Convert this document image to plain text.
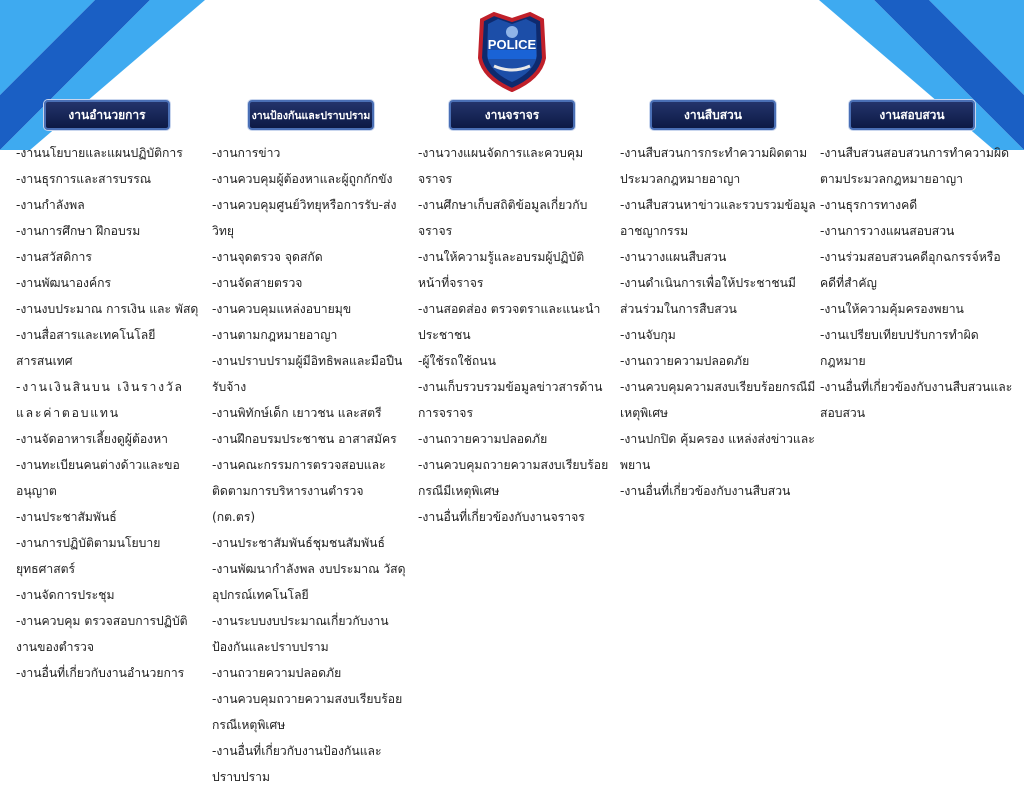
POLICE
งานอำนวยการ
-งานนโยบายและแผนปฏิบัติการ
-งานธุรการและสารบรรณ
-งานกำลังพล
-งานการศึกษา ฝึกอบรม
-งานสวัสดิการ
-งานพัฒนาองค์กร
-งานงบประมาณ การเงิน และ พัสดุ
-งานสื่อสารและเทคโนโลยีสารสนเทศ
-งานเงินสินบน เงินรางวัลและค่าตอบแทน
-งานจัดอาหารเลี้ยงดูผู้ต้องหา
-งานทะเบียนคนต่างด้าวและขออนุญาต
-งานประชาสัมพันธ์
-งานการปฏิบัติตามนโยบายยุทธศาสตร์
-งานจัดการประชุม
-งานควบคุม ตรวจสอบการปฏิบัติงานของตำรวจ
-งานอื่นที่เกี่ยวกับงานอำนวยการ
งานป้องกันและปราบปราม
-งานการข่าว
-งานควบคุมผู้ต้องหาและผู้ถูกกักขัง
-งานควบคุมศูนย์วิทยุหรือการรับ-ส่งวิทยุ
-งานจุดตรวจ จุดสกัด
-งานจัดสายตรวจ
-งานควบคุมแหล่งอบายมุข
-งานตามกฎหมายอาญา
-งานปราบปรามผู้มีอิทธิพลและมือปืนรับจ้าง
-งานพิทักษ์เด็ก เยาวชน และสตรี
-งานฝึกอบรมประชาชน อาสาสมัคร
-งานคณะกรรมการตรวจสอบและติดตามการบริหารงานตำรวจ (กต.ตร)
-งานประชาสัมพันธ์ชุมชนสัมพันธ์
-งานพัฒนากำลังพล งบประมาณ วัสดุอุปกรณ์เทคโนโลยี
-งานระบบงบประมาณเกี่ยวกับงานป้องกันและปราบปราม
-งานถวายความปลอดภัย
-งานควบคุมถวายความสงบเรียบร้อยกรณีเหตุพิเศษ
-งานอื่นที่เกี่ยวกับงานป้องกันและปราบปราม
งานจราจร
-งานวางแผนจัดการและควบคุมจราจร
-งานศึกษาเก็บสถิติข้อมูลเกี่ยวกับจราจร
-งานให้ความรู้และอบรมผู้ปฏิบัติหน้าที่จราจร
-งานสอดส่อง ตรวจตราและแนะนำประชาชน
-ผู้ใช้รถใช้ถนน
-งานเก็บรวบรวมข้อมูลข่าวสารด้านการจราจร
-งานถวายความปลอดภัย
-งานควบคุมถวายความสงบเรียบร้อยกรณีมีเหตุพิเศษ
-งานอื่นที่เกี่ยวข้องกับงานจราจร
งานสืบสวน
-งานสืบสวนการกระทำความผิดตามประมวลกฎหมายอาญา
-งานสืบสวนหาข่าวและรวบรวมข้อมูลอาชญากรรม
-งานวางแผนสืบสวน
-งานดำเนินการเพื่อให้ประชาชนมีส่วนร่วมในการสืบสวน
-งานจับกุม
-งานถวายความปลอดภัย
-งานควบคุมความสงบเรียบร้อยกรณีมีเหตุพิเศษ
-งานปกปิด คุ้มครอง แหล่งส่งข่าวและพยาน
-งานอื่นที่เกี่ยวข้องกับงานสืบสวน
งานสอบสวน
-งานสืบสวนสอบสวนการทำความผิดตามประมวลกฎหมายอาญา
-งานธุรการทางคดี
-งานการวางแผนสอบสวน
-งานร่วมสอบสวนคดีอุกฉกรรจ์หรือคดีที่สำคัญ
-งานให้ความคุ้มครองพยาน
-งานเปรียบเทียบปรับการทำผิดกฎหมาย
-งานอื่นที่เกี่ยวข้องกับงานสืบสวนและสอบสวน
